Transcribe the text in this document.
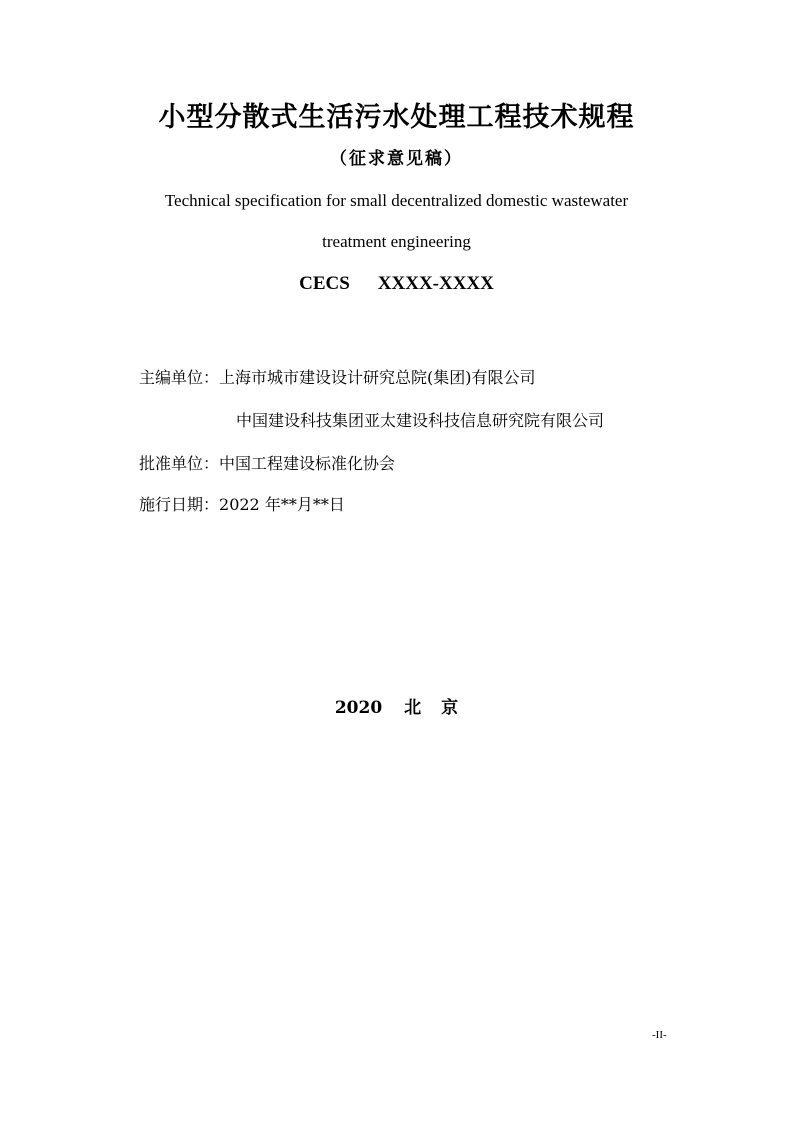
小型分散式生活污水处理工程技术规程
（征求意见稿）
Technical specification for small decentralized domestic wastewater
treatment engineering
CECS XXXX-XXXX
主编单位：上海市城市建设设计研究总院(集团)有限公司
中国建设科技集团亚太建设科技信息研究院有限公司
批准单位：中国工程建设标准化协会
施行日期：2022 年**月**日
2020 北京
-II-
